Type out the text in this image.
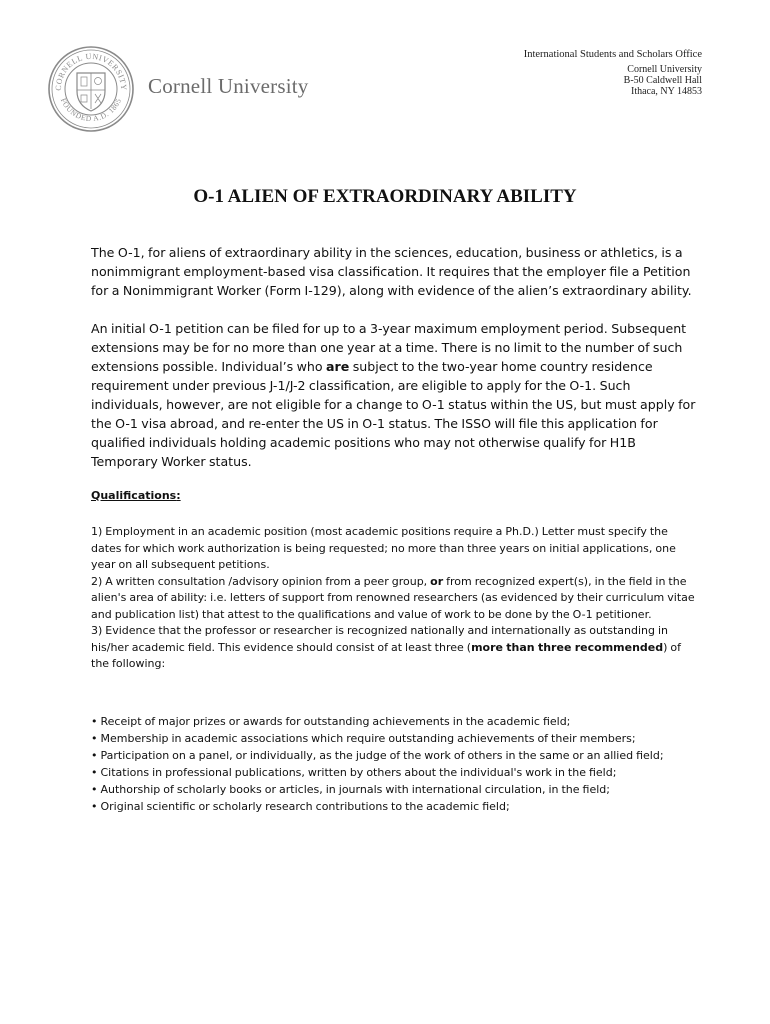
CORNELL UNIVERSITY
FOUNDED A.D. 1865
Cornell University
International Students and Scholars Office
Cornell University
B-50 Caldwell Hall
Ithaca, NY 14853
O-1 ALIEN OF EXTRAORDINARY ABILITY

The O-1, for aliens of extraordinary ability in the sciences, education, business or athletics, is a nonimmigrant employment-based visa classification. It requires that the employer file a Petition for a Nonimmigrant Worker (Form I-129), along with evidence of the alien’s extraordinary ability.

An initial O-1 petition can be filed for up to a 3-year maximum employment period. Subsequent extensions may be for no more than one year at a time. There is no limit to the number of such extensions possible. Individual’s who are subject to the two-year home country residence requirement under previous J-1/J-2 classification, are eligible to apply for the O-1. Such individuals, however, are not eligible for a change to O-1 status within the US, but must apply for the O-1 visa abroad, and re-enter the US in O-1 status. The ISSO will file this application for qualified individuals holding academic positions who may not otherwise qualify for H1B Temporary Worker status.

Qualifications:

1) Employment in an academic position (most academic positions require a Ph.D.) Letter must specify the dates for which work authorization is being requested; no more than three years on initial applications, one year on all subsequent petitions.

2) A written consultation /advisory opinion from a peer group, or from recognized expert(s), in the field in the alien's area of ability: i.e. letters of support from renowned researchers (as evidenced by their curriculum vitae and publication list) that attest to the qualifications and value of work to be done by the O-1 petitioner.

3) Evidence that the professor or researcher is recognized nationally and internationally as outstanding in his/her academic field. This evidence should consist of at least three (more than three recommended) of the following:

• Receipt of major prizes or awards for outstanding achievements in the academic field;
• Membership in academic associations which require outstanding achievements of their members;
• Participation on a panel, or individually, as the judge of the work of others in the same or an allied field;
• Citations in professional publications, written by others about the individual's work in the field;
• Authorship of scholarly books or articles, in journals with international circulation, in the field;
• Original scientific or scholarly research contributions to the academic field;
